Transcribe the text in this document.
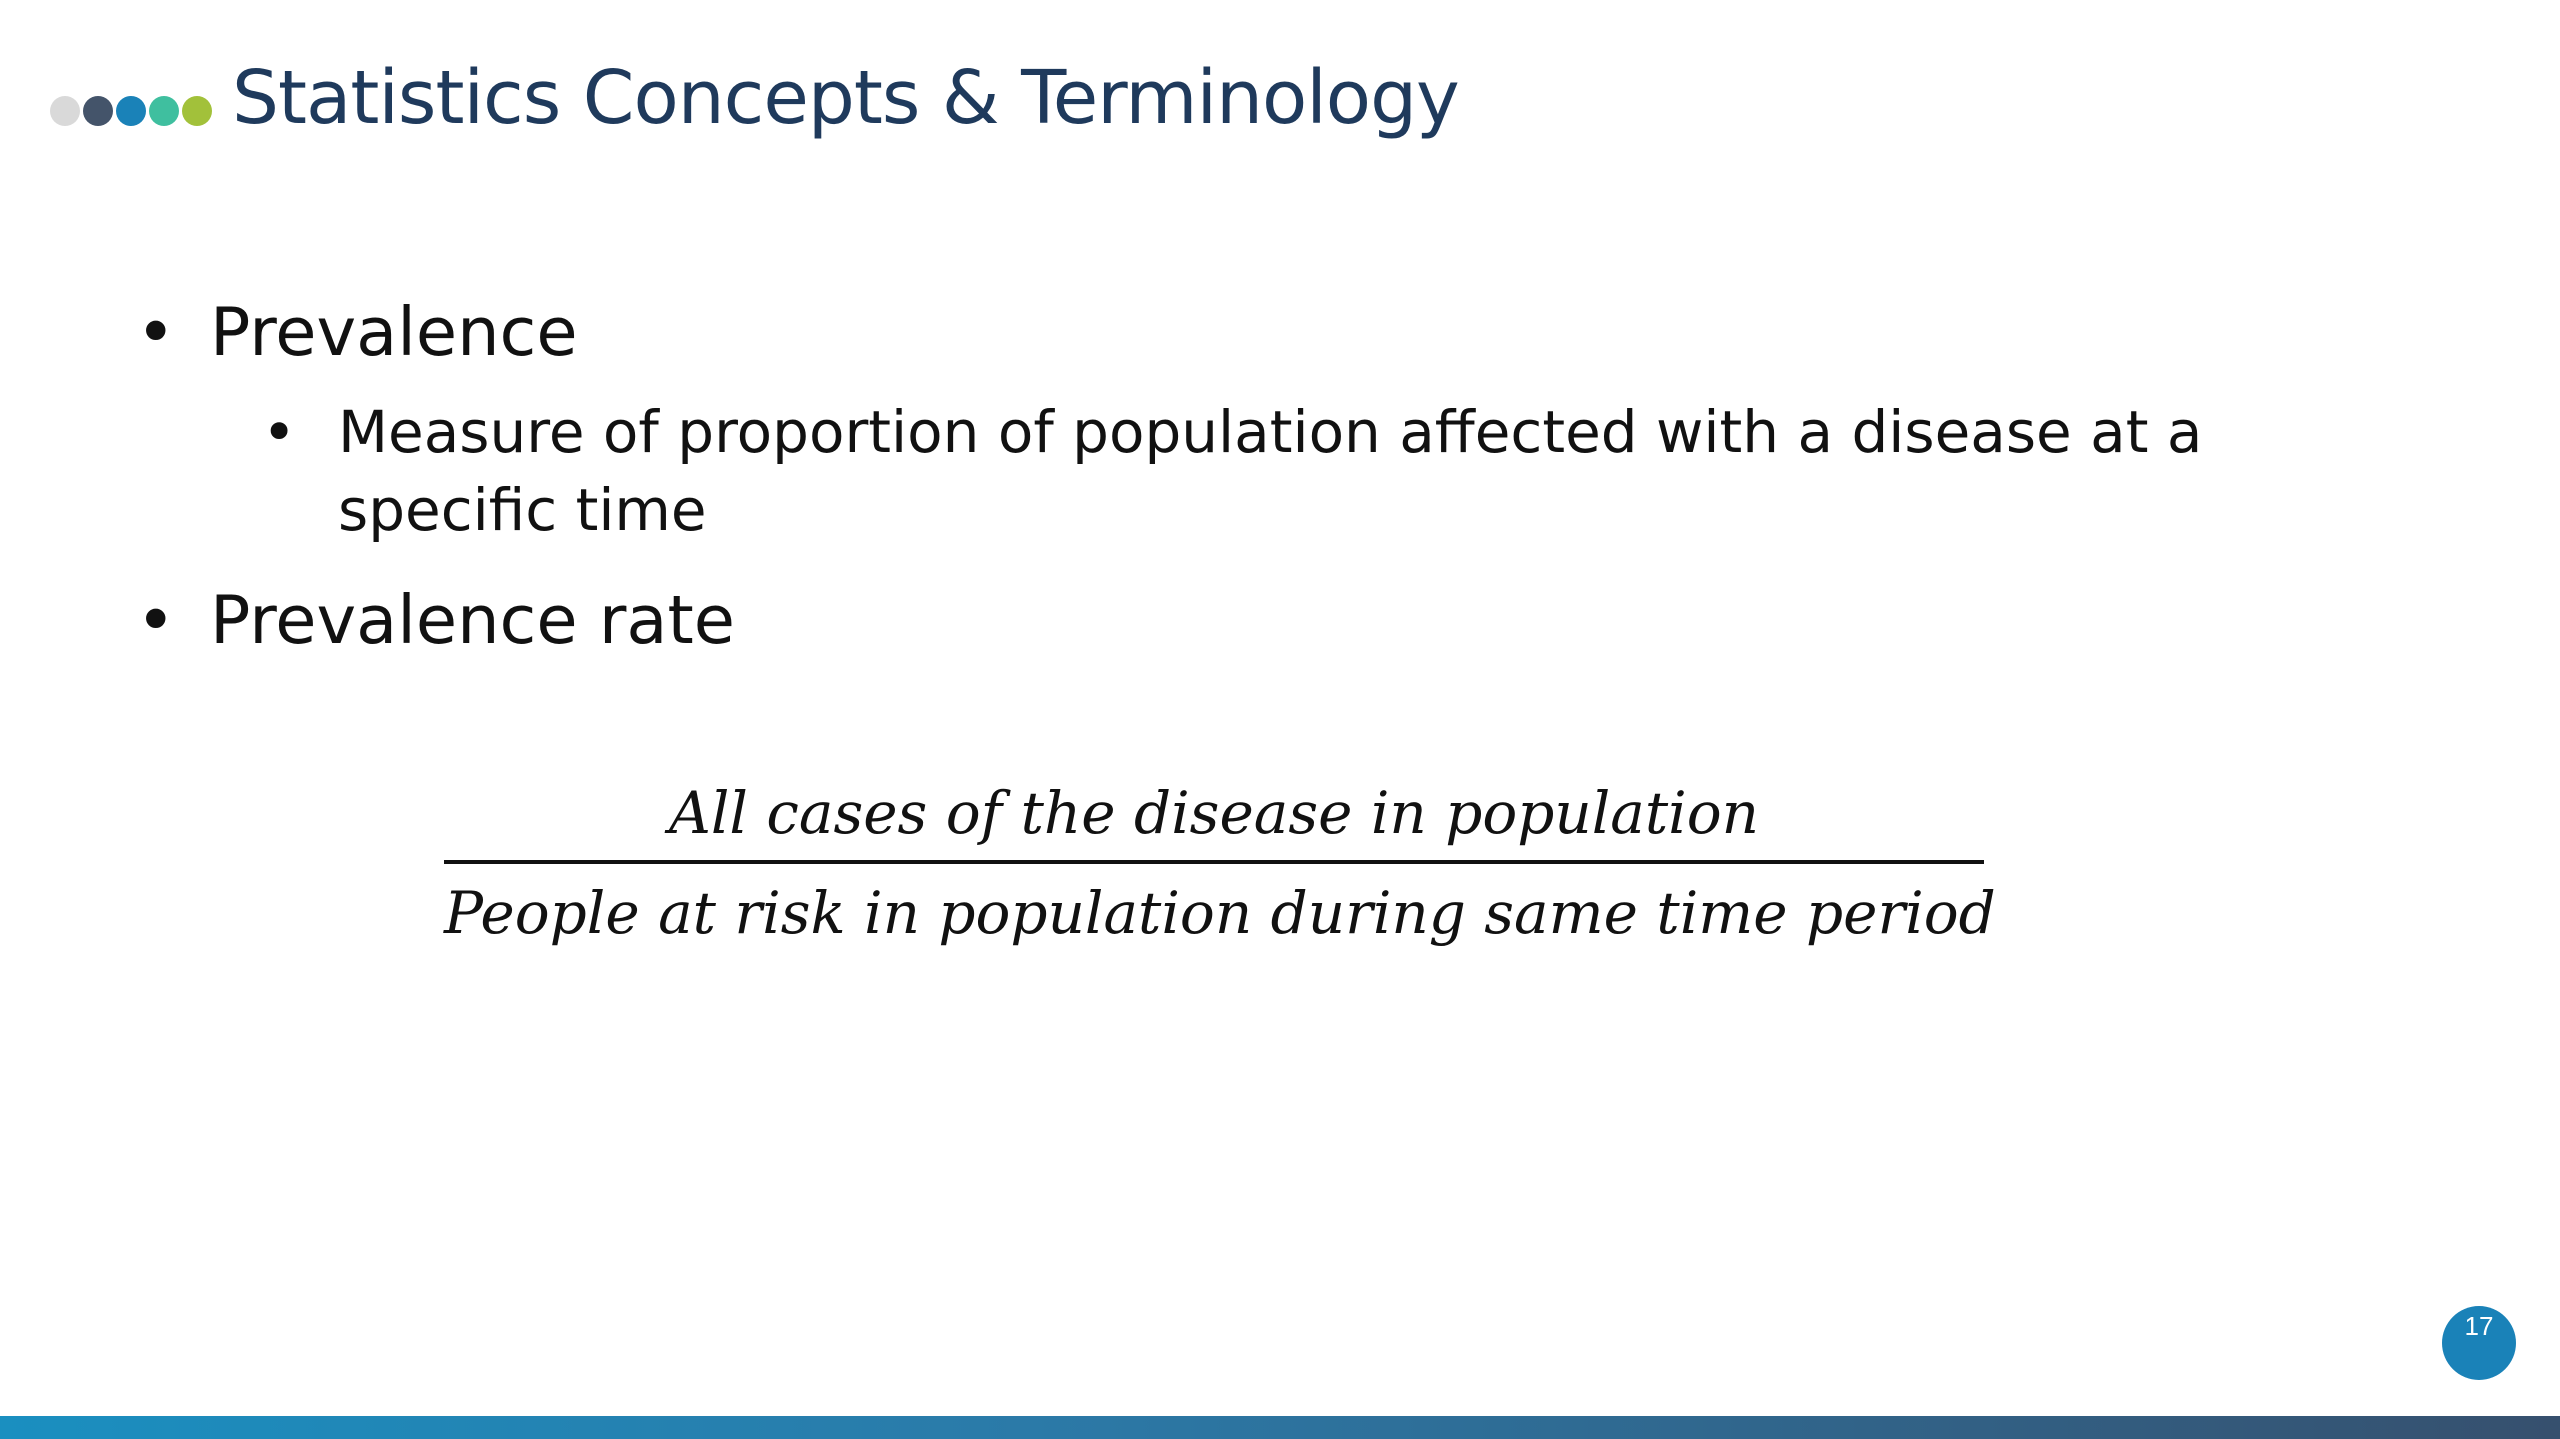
Statistics Concepts & Terminology
• Prevalence
• Measure of proportion of population affected with a disease at a specific time
• Prevalence rate
All cases of the disease in population
People at risk in population during same time period
17
